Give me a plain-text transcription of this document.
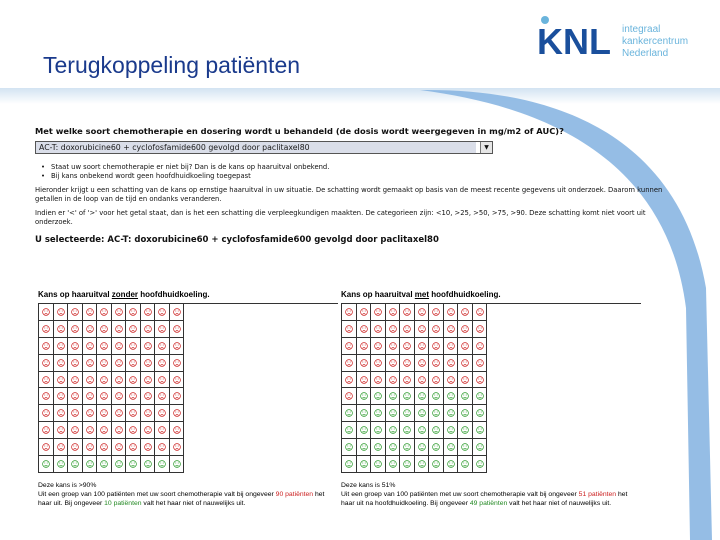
Terugkoppeling patiënten
KNL integraal
kankercentrum
Nederland
Met welke soort chemotherapie en dosering wordt u behandeld (de dosis wordt weergegeven in mg/m2 of AUC)?
AC-T: doxorubicine60 + cyclofosfamide600 gevolgd door paclitaxel80	▼
• Staat uw soort chemotherapie er niet bij? Dan is de kans op haaruitval onbekend.
• Bij kans onbekend wordt geen hoofdhuidkoeling toegepast
Hieronder krijgt u een schatting van de kans op ernstige haaruitval in uw situatie. De schatting wordt gemaakt op basis van de meest recente gegevens uit onderzoek. Daarom kunnen getallen in de loop van de tijd en ondanks veranderen.
Indien er '<' of '>' voor het getal staat, dan is het een schatting die verpleegkundigen maakten. De categorieen zijn: <10, >25, >50, >75, >90. Deze schatting komt niet voort uit onderzoek.
U selecteerde: AC-T: doxorubicine60 + cyclofosfamide600 gevolgd door paclitaxel80
Kans op haaruitval zonder hoofdhuidkoeling.
Deze kans is >90%
Uit een groep van 100 patiënten met uw soort chemotherapie valt bij ongeveer 90 patiënten het haar uit. Bij ongeveer 10 patiënten valt het haar niet of nauwelijks uit.
Kans op haaruitval met hoofdhuidkoeling.
Deze kans is 51%
Uit een groep van 100 patiënten met uw soort chemotherapie valt bij ongeveer 51 patiënten het haar uit na hoofdhuidkoeling. Bij ongeveer 49 patiënten valt het haar niet of nauwelijks uit.
